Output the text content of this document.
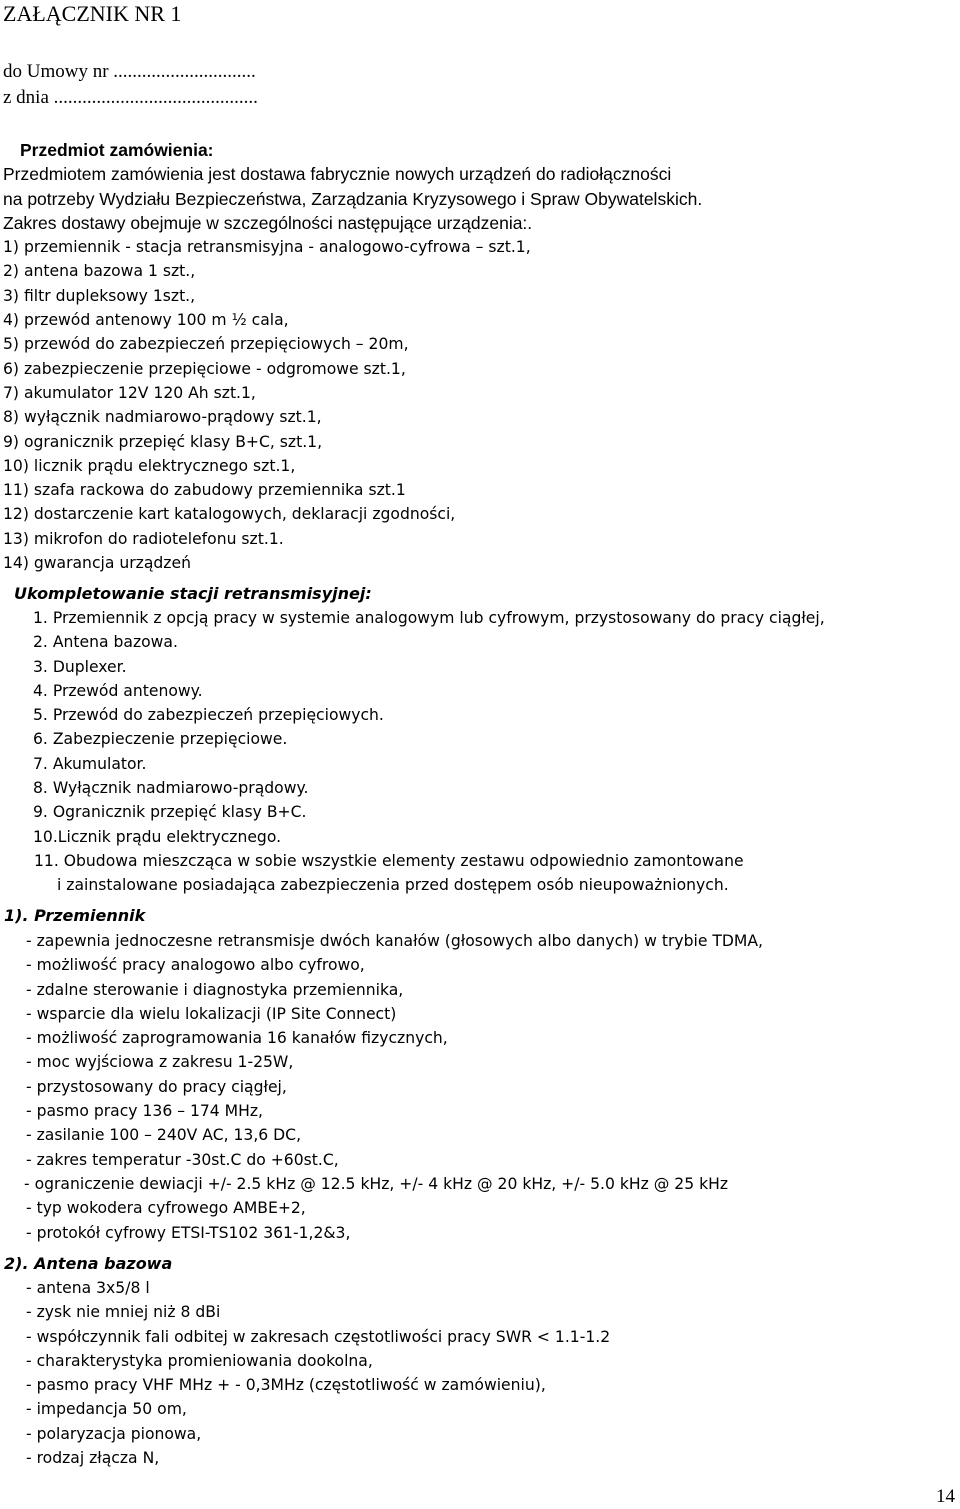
ZAŁĄCZNIK NR 1
do Umowy nr ..............................
z dnia ...........................................
Przedmiot zamówienia:
Przedmiotem zamówienia jest dostawa fabrycznie nowych urządzeń do radiołączności
na potrzeby Wydziału Bezpieczeństwa, Zarządzania Kryzysowego i Spraw Obywatelskich.
Zakres dostawy obejmuje w szczególności następujące urządzenia:.
1) przemiennik - stacja retransmisyjna - analogowo-cyfrowa – szt.1,
2) antena bazowa 1 szt.,
3) filtr dupleksowy 1szt.,
4) przewód antenowy 100 m ½ cala,
5) przewód do zabezpieczeń przepięciowych – 20m,
6) zabezpieczenie przepięciowe - odgromowe szt.1,
7) akumulator 12V 120 Ah szt.1,
8) wyłącznik nadmiarowo-prądowy szt.1,
9) ogranicznik przepięć klasy B+C, szt.1,
10) licznik prądu elektrycznego szt.1,
11) szafa rackowa do zabudowy przemiennika szt.1
12) dostarczenie kart katalogowych, deklaracji zgodności,
13) mikrofon do radiotelefonu szt.1.
14) gwarancja urządzeń
Ukompletowanie stacji retransmisyjnej:
1. Przemiennik z opcją pracy w systemie analogowym lub cyfrowym, przystosowany do pracy ciągłej,
2. Antena bazowa.
3. Duplexer.
4. Przewód antenowy.
5. Przewód do zabezpieczeń przepięciowych.
6. Zabezpieczenie przepięciowe.
7. Akumulator.
8. Wyłącznik nadmiarowo-prądowy.
9. Ogranicznik przepięć klasy B+C.
10.Licznik prądu elektrycznego.
11. Obudowa mieszcząca w sobie wszystkie elementy zestawu odpowiednio zamontowane
i zainstalowane posiadająca zabezpieczenia przed dostępem osób nieupoważnionych.
1). Przemiennik
- zapewnia jednoczesne retransmisje dwóch kanałów (głosowych albo danych) w trybie TDMA,
- możliwość pracy analogowo albo cyfrowo,
- zdalne sterowanie i diagnostyka przemiennika,
- wsparcie dla wielu lokalizacji (IP Site Connect)
- możliwość zaprogramowania 16 kanałów fizycznych,
- moc wyjściowa z zakresu 1-25W,
- przystosowany do pracy ciągłej,
- pasmo pracy 136 – 174 MHz,
- zasilanie 100 – 240V AC, 13,6 DC,
- zakres temperatur -30st.C do +60st.C,
- ograniczenie dewiacji +/- 2.5 kHz @ 12.5 kHz, +/- 4 kHz @ 20 kHz, +/- 5.0 kHz @ 25 kHz
- typ wokodera cyfrowego AMBE+2,
- protokół cyfrowy ETSI-TS102 361-1,2&3,
2). Antena bazowa
- antena 3x5/8 l
- zysk nie mniej niż 8 dBi
- współczynnik fali odbitej w zakresach częstotliwości pracy SWR < 1.1-1.2
- charakterystyka promieniowania dookolna,
- pasmo pracy VHF MHz + - 0,3MHz (częstotliwość w zamówieniu),
- impedancja 50 om,
- polaryzacja pionowa,
- rodzaj złącza N,
14
